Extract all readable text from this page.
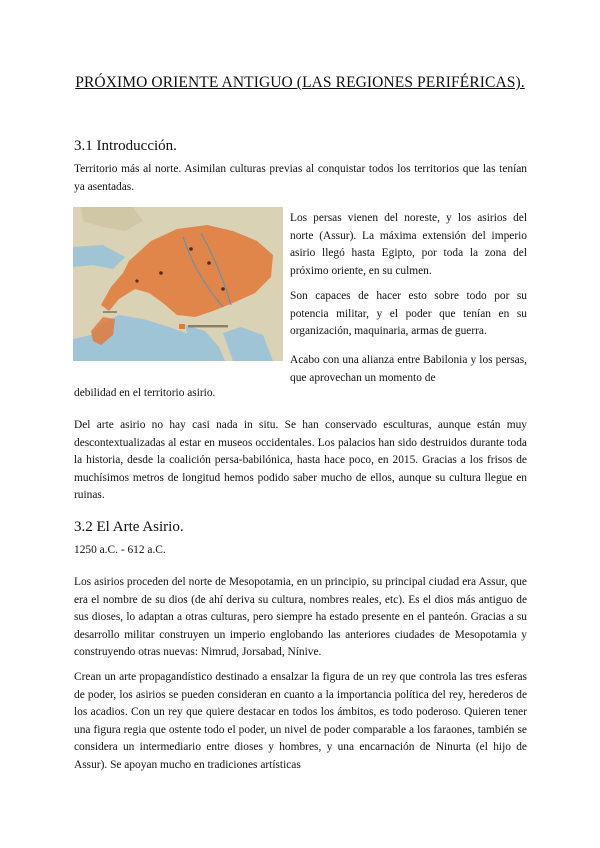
PRÓXIMO ORIENTE ANTIGUO (LAS REGIONES PERIFÉRICAS).
3.1 Introducción.

Territorio más al norte. Asimilan culturas previas al conquistar todos los territorios que las tenían ya asentadas.

Los persas vienen del noreste, y los asirios del norte (Assur). La máxima extensión del imperio asirio llegó hasta Egipto, por toda la zona del próximo oriente, en su culmen.

Son capaces de hacer esto sobre todo por su potencia militar, y el poder que tenían en su organización, maquinaria, armas de guerra.

Acabo con una alianza entre Babilonia y los persas, que aprovechan un momento de

debilidad en el territorio asirio.

Del arte asirio no hay casi nada in situ. Se han conservado esculturas, aunque están muy descontextualizadas al estar en museos occidentales. Los palacios han sido destruidos durante toda la historia, desde la coalición persa-babilónica, hasta hace poco, en 2015. Gracias a los frisos de muchísimos metros de longitud hemos podido saber mucho de ellos, aunque su cultura llegue en ruinas.

3.2 El Arte Asirio.

1250 a.C. - 612 a.C.

Los asirios proceden del norte de Mesopotamia, en un principio, su principal ciudad era Assur, que era el nombre de su dios (de ahí deriva su cultura, nombres reales, etc). Es el dios más antiguo de sus dioses, lo adaptan a otras culturas, pero siempre ha estado presente en el panteón. Gracias a su desarrollo militar construyen un imperio englobando las anteriores ciudades de Mesopotamia y construyendo otras nuevas: Nimrud, Jorsabad, Nínive.

Crean un arte propagandístico destinado a ensalzar la figura de un rey que controla las tres esferas de poder, los asirios se pueden consideran en cuanto a la importancia política del rey, herederos de los acadios. Con un rey que quiere destacar en todos los ámbitos, es todo poderoso. Quieren tener una figura regia que ostente todo el poder, un nivel de poder comparable a los faraones, también se considera un intermediario entre dioses y hombres, y una encarnación de Ninurta (el hijo de Assur). Se apoyan mucho en tradiciones artísticas
